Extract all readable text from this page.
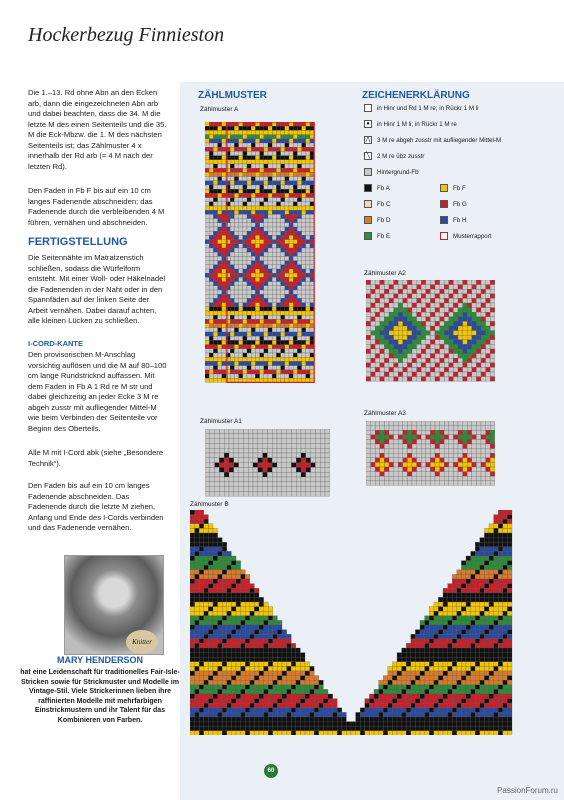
Hockerbezug Finnieston
Die 1.–13. Rd ohne Abn an den Ecken arb, dann die eingezeichneten Abn arb und dabei beachten, dass die 34. M die letzte M des einen Seitenteils und die 35. M die Eck-Mbzw. die 1. M des nächsten Seitenteils ist; das Zählmuster 4 x innerhalb der Rd arb (= 4 M nach der letzten Rd).
Den Faden in Fb F bis auf ein 10 cm langes Fadenende abschneiden; das Fadenende durch die verbleibenden 4 M führen, vernähen und abschneiden.
FERTIGSTELLUNG
Die Seitennähte im Matratzenstich schließen, sodass die Würfelform entsteht. Mit einer Woll- oder Häkelnadel die Fadenenden in der Naht oder in den Spannfäden auf der linken Seite der Arbeit vernähen. Dabei darauf achten, alle kleinen Lücken zu schließen.
I-CORD-KANTE
Den provisorischen M-Anschlag vorsichtig auflösen und die M auf 80–100 cm lange Rundstricknd auffassen. Mit dem Faden in Fb A 1 Rd re M str und dabei gleichzeitig an jeder Ecke 3 M re abgeh zusstr mit aufliegender Mittel-M wie beim Verbinden der Seitenteile vor Beginn des Oberteils.
Alle M mit I-Cord abk (siehe „Besondere Technik“).
Den Faden bis auf ein 10 cm langes Fadenende abschneiden. Das Fadenende durch die letzte M ziehen, Anfang und Ende des I-Cords verbinden und das Fadenende vernähen.
Knitter
MARY HENDERSON
hat eine Leidenschaft für traditionelles Fair-Isle-Stricken sowie für Strickmuster und Modelle im Vintage-Stil. Viele Strickerinnen lieben ihre raffinierten Modelle mit mehrfarbigen Einstrickmustern und ihr Talent für das Kombinieren von Farben.
ZÄHLMUSTER	ZEICHENERKLÄRUNG
Zählmuster A
Zählmuster A2
Zählmuster A3
Zählmuster A1
Zählmuster B
in Hinr und Rd 1 M re; in Rückr 1 M li
●	in Hinr 1 M li; in Rückr 1 M re
⋀ 3 M re abgeh zusstr mit aufliegender Mittel-M
╲	2 M re übz zusstr
Hintergrund-Fb
Fb A	Fb F
Fb C	Fb G
Fb D	Fb H
Fb E	Musterrapport
60
PassionForum.ru
